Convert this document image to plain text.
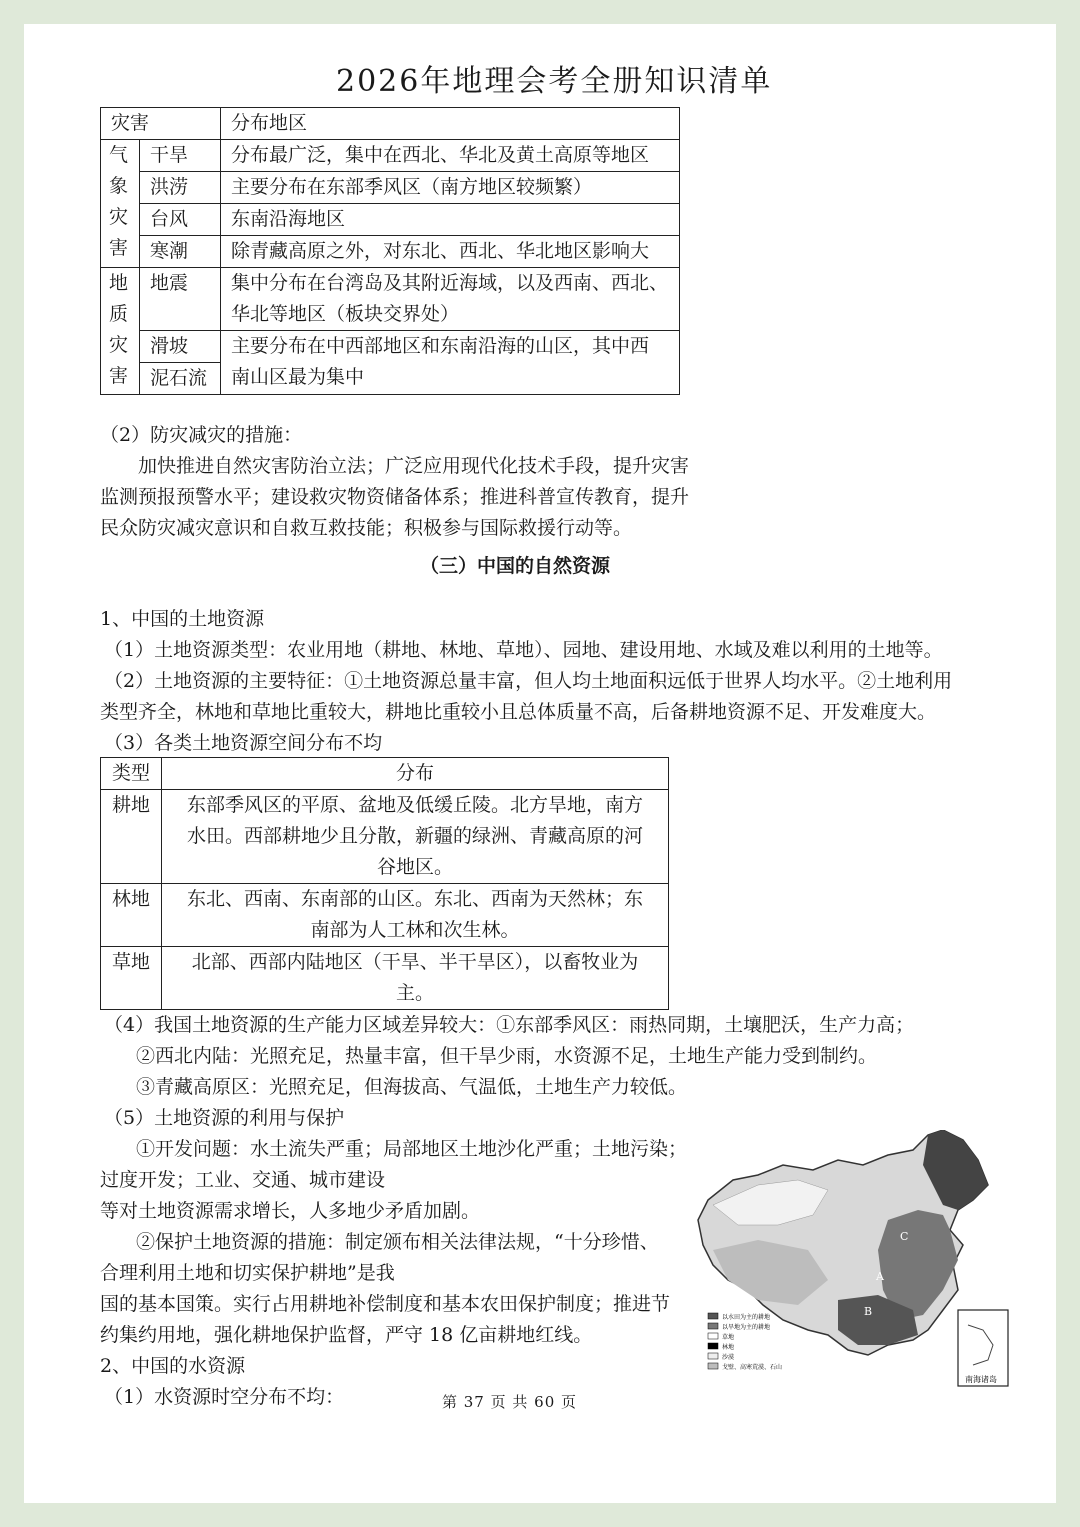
2026年地理会考全册知识清单
灾害		分布地区

气象灾害	干旱	分布最广泛，集中在西北、华北及黄土高原等地区
	洪涝	主要分布在东部季风区（南方地区较频繁）
	台风	东南沿海地区
	寒潮	除青藏高原之外，对东北、西北、华北地区影响大

地质灾害	地震	集中分布在台湾岛及其附近海域，以及西南、西北、
华北等地区（板块交界处）

	滑坡	主要分布在中西部地区和东南沿海的山区，其中西
南山区最为集中

	泥石流	
（2）防灾减灾的措施：
加快推进自然灾害防治立法；广泛应用现代化技术手段，提升灾害
监测预报预警水平；建设救灾物资储备体系；推进科普宣传教育，提升
民众防灾减灾意识和自救互救技能；积极参与国际救援行动等。
（三）中国的自然资源
1、中国的土地资源
（1）土地资源类型：农业用地（耕地、林地、草地）、园地、建设用地、水域及难以利用的土地等。
（2）土地资源的主要特征：①土地资源总量丰富，但人均土地面积远低于世界人均水平。②土地利用
类型齐全，林地和草地比重较大，耕地比重较小且总体质量不高，后备耕地资源不足、开发难度大。
（3）各类土地资源空间分布不均
类型	分布
耕地	东部季风区的平原、盆地及低缓丘陵。北方旱地，南方
水田。西部耕地少且分散，新疆的绿洲、青藏高原的河
谷地区。

林地	东北、西南、东南部的山区。东北、西南为天然林；东
南部为人工林和次生林。

草地	北部、西部内陆地区（干旱、半干旱区），以畜牧业为
主。
（4）我国土地资源的生产能力区域差异较大：①东部季风区：雨热同期，土壤肥沃，生产力高；
②西北内陆：光照充足，热量丰富，但干旱少雨，水资源不足，土地生产能力受到制约。
③青藏高原区：光照充足，但海拔高、气温低，土地生产力较低。
（5）土地资源的利用与保护
①开发问题：水土流失严重；局部地区土地沙化严重；土地污染；
过度开发；工业、交通、城市建设
等对土地资源需求增长，人多地少矛盾加剧。
②保护土地资源的措施：制定颁布相关法律法规，“十分珍惜、
合理利用土地和切实保护耕地”是我
国的基本国策。实行占用耕地补偿制度和基本农田保护制度；推进节
约集约用地，强化耕地保护监督，严守 18 亿亩耕地红线。
2、中国的水资源
（1）水资源时空分布不均：
C
A
B
以水田为主的耕地
以旱地为主的耕地
草地
林地
沙漠
戈壁、高寒荒漠、石山
南海诸岛
第 37 页 共 60 页
